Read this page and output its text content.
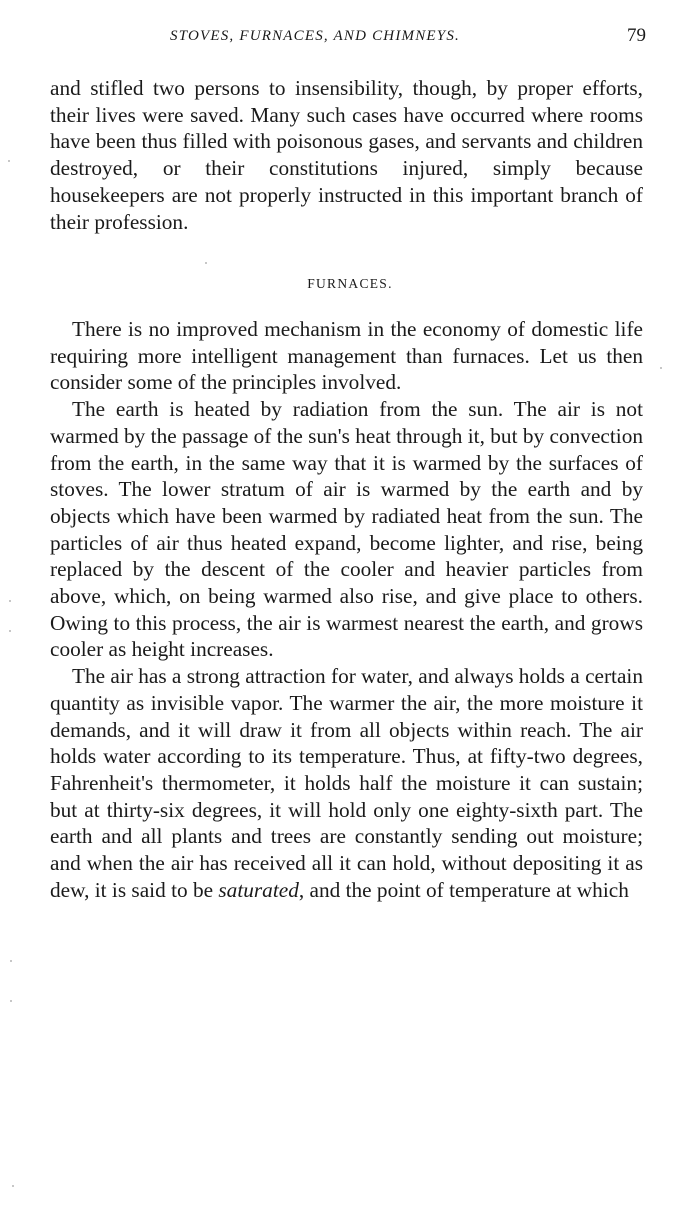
STOVES, FURNACES, AND CHIMNEYS.	79

and stifled two persons to insensibility, though, by proper efforts, their lives were saved. Many such cases have occurred where rooms have been thus filled with poisonous gases, and servants and children destroyed, or their constitutions injured, simply because housekeepers are not properly instructed in this important branch of their profession.

FURNACES.

There is no improved mechanism in the economy of domestic life requiring more intelligent management than furnaces. Let us then consider some of the principles involved.

The earth is heated by radiation from the sun. The air is not warmed by the passage of the sun's heat through it, but by convection from the earth, in the same way that it is warmed by the surfaces of stoves. The lower stratum of air is warmed by the earth and by objects which have been warmed by radiated heat from the sun. The particles of air thus heated expand, become lighter, and rise, being replaced by the descent of the cooler and heavier particles from above, which, on being warmed also rise, and give place to others. Owing to this process, the air is warmest nearest the earth, and grows cooler as height increases.

The air has a strong attraction for water, and always holds a certain quantity as invisible vapor. The warmer the air, the more moisture it demands, and it will draw it from all objects within reach. The air holds water according to its temperature. Thus, at fifty-two degrees, Fahrenheit's thermometer, it holds half the moisture it can sustain; but at thirty-six degrees, it will hold only one eighty-sixth part. The earth and all plants and trees are constantly sending out moisture; and when the air has received all it can hold, without depositing it as dew, it is said to be saturated, and the point of temperature at which
